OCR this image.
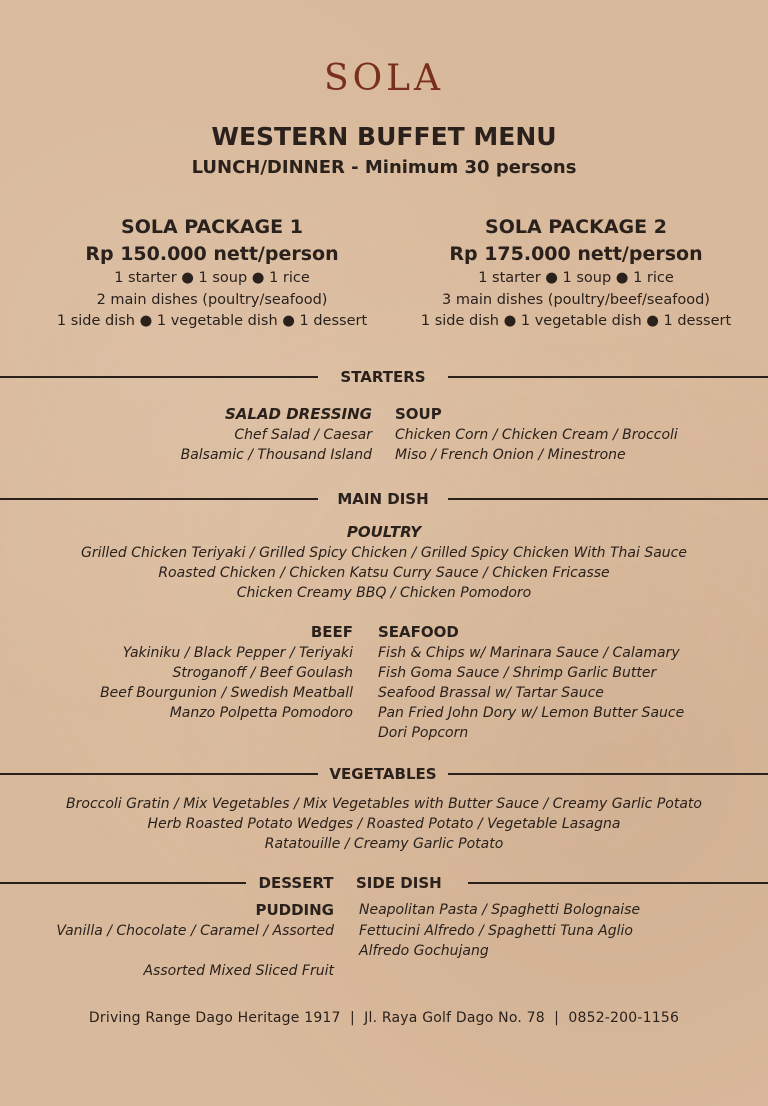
SOLA
WESTERN BUFFET MENU
LUNCH/DINNER - Minimum 30 persons
SOLA PACKAGE 1
Rp 150.000 nett/person
1 starter ● 1 soup ● 1 rice
2 main dishes (poultry/seafood)
1 side dish ● 1 vegetable dish ● 1 dessert
SOLA PACKAGE 2
Rp 175.000 nett/person
1 starter ● 1 soup ● 1 rice
3 main dishes (poultry/beef/seafood)
1 side dish ● 1 vegetable dish ● 1 dessert
STARTERS
SALAD DRESSING
Chef Salad / Caesar
Balsamic / Thousand Island
SOUP
Chicken Corn / Chicken Cream / Broccoli
Miso / French Onion / Minestrone
MAIN DISH
POULTRY
Grilled Chicken Teriyaki / Grilled Spicy Chicken / Grilled Spicy Chicken With Thai Sauce
Roasted Chicken / Chicken Katsu Curry Sauce / Chicken Fricasse
Chicken Creamy BBQ / Chicken Pomodoro
BEEF
Yakiniku / Black Pepper / Teriyaki
Stroganoff / Beef Goulash
Beef Bourgunion / Swedish Meatball
Manzo Polpetta Pomodoro
SEAFOOD
Fish & Chips w/ Marinara Sauce / Calamary
Fish Goma Sauce / Shrimp Garlic Butter
Seafood Brassal w/ Tartar Sauce
Pan Fried John Dory w/ Lemon Butter Sauce
Dori Popcorn
VEGETABLES
Broccoli Gratin / Mix Vegetables / Mix Vegetables with Butter Sauce / Creamy Garlic Potato
Herb Roasted Potato Wedges / Roasted Potato / Vegetable Lasagna
Ratatouille / Creamy Garlic Potato
DESSERT	SIDE DISH
PUDDING
Vanilla / Chocolate / Caramel / Assorted
Assorted Mixed Sliced Fruit
Neapolitan Pasta / Spaghetti Bolognaise
Fettucini Alfredo / Spaghetti Tuna Aglio
Alfredo Gochujang
Driving Range Dago Heritage 1917  |  Jl. Raya Golf Dago No. 78  |  0852-200-1156
